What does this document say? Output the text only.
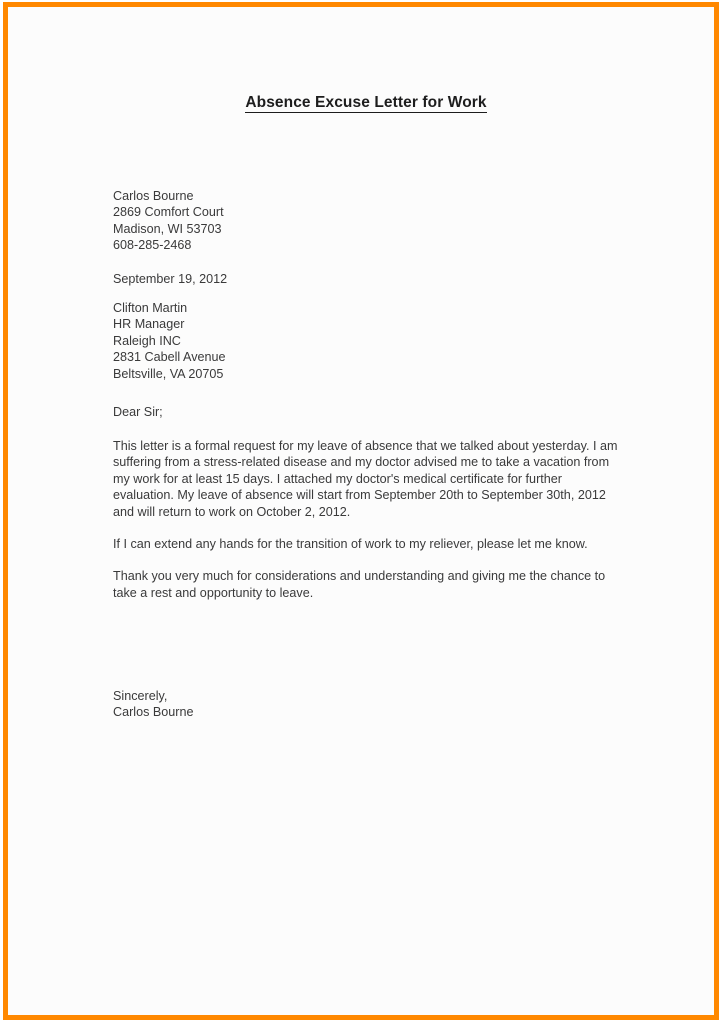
Absence Excuse Letter for Work
Carlos Bourne
2869 Comfort Court
Madison, WI 53703
608-285-2468
September 19, 2012
Clifton Martin
HR Manager
Raleigh INC
2831 Cabell Avenue
Beltsville, VA 20705
Dear Sir;

This letter is a formal request for my leave of absence that we talked about yesterday. I am suffering from a stress-related disease and my doctor advised me to take a vacation from my work for at least 15 days. I attached my doctor's medical certificate for further evaluation. My leave of absence will start from September 20th to September 30th, 2012 and will return to work on October 2, 2012.

If I can extend any hands for the transition of work to my reliever, please let me know.

Thank you very much for considerations and understanding and giving me the chance to take a rest and opportunity to leave.

Sincerely,
Carlos Bourne
